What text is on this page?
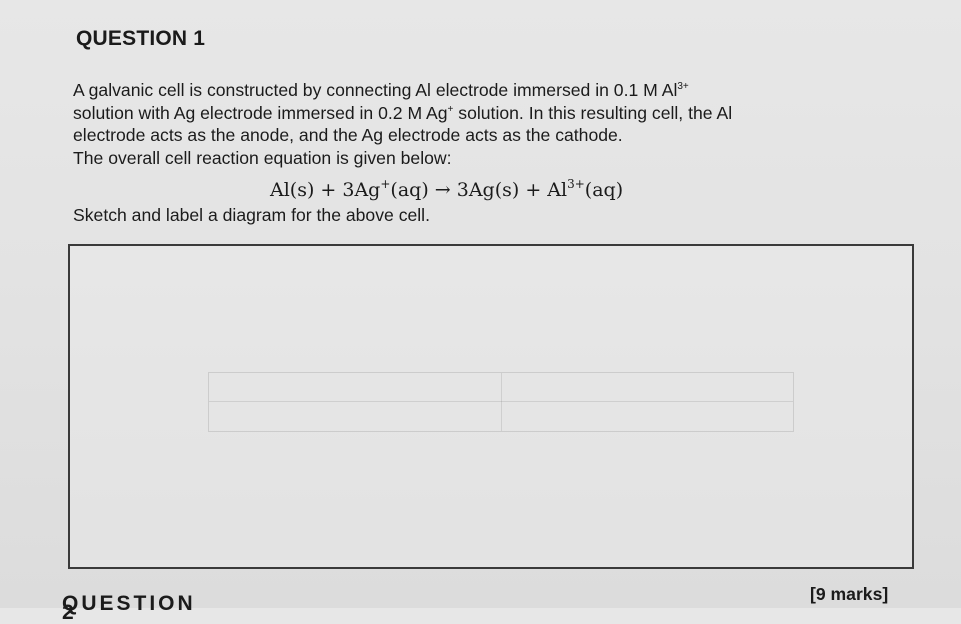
QUESTION 1
A galvanic cell is constructed by connecting Al electrode immersed in 0.1 M $Al^{3+}$
solution with Ag electrode immersed in 0.2 M Ag+ solution. In this resulting cell, the Al
electrode acts as the anode, and the Ag electrode acts as the cathode.
The overall cell reaction equation is given below:
$Al(s) + 3Ag^+(aq) \to 3Ag(s) + Al^{3+}(aq)$
Sketch and label a diagram for the above cell.
[9 marks]
QUESTION 2
